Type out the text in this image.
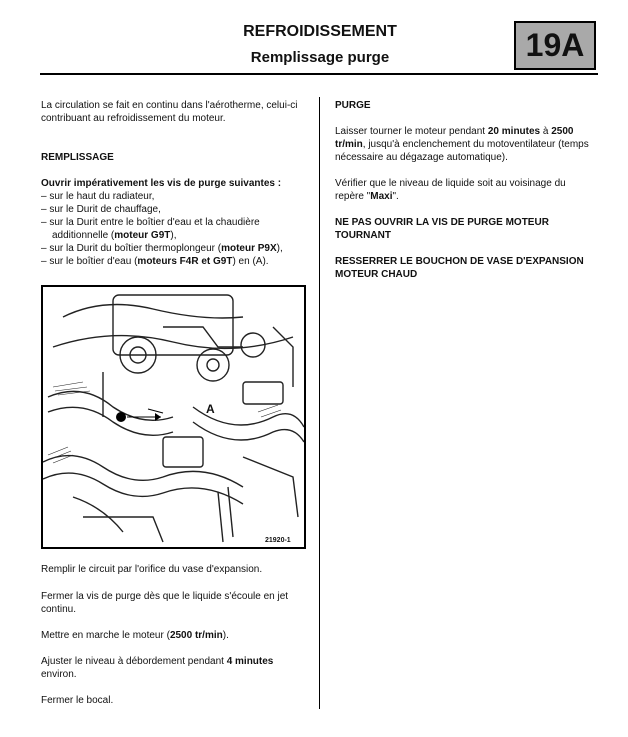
REFROIDISSEMENT
Remplissage purge	19A

La circulation se fait en continu dans l'aérotherme, celui-ci contribuant au refroidissement du moteur.

REMPLISSAGE

Ouvrir impérativement les vis de purge suivantes :

– sur le haut du radiateur,
– sur le Durit de chauffage,
– sur la Durit entre le boîtier d'eau et la chaudière additionnelle (moteur G9T),
– sur la Durit du boîtier thermoplongeur (moteur P9X),
– sur le boîtier d'eau (moteurs F4R et G9T) en (A).
A
21920-1

Remplir le circuit par l'orifice du vase d'expansion.

Fermer la vis de purge dès que le liquide s'écoule en jet continu.

Mettre en marche le moteur (2500 tr/min).

Ajuster le niveau à débordement pendant 4 minutes environ.

Fermer le bocal.

PURGE

Laisser tourner le moteur pendant 20 minutes à 2500 tr/min, jusqu'à enclenchement du motoventilateur (temps nécessaire au dégazage automatique).

Vérifier que le niveau de liquide soit au voisinage du repère "Maxi".

NE PAS OUVRIR LA VIS DE PURGE MOTEUR TOURNANT

RESSERRER LE BOUCHON DE VASE D'EXPANSION MOTEUR CHAUD
